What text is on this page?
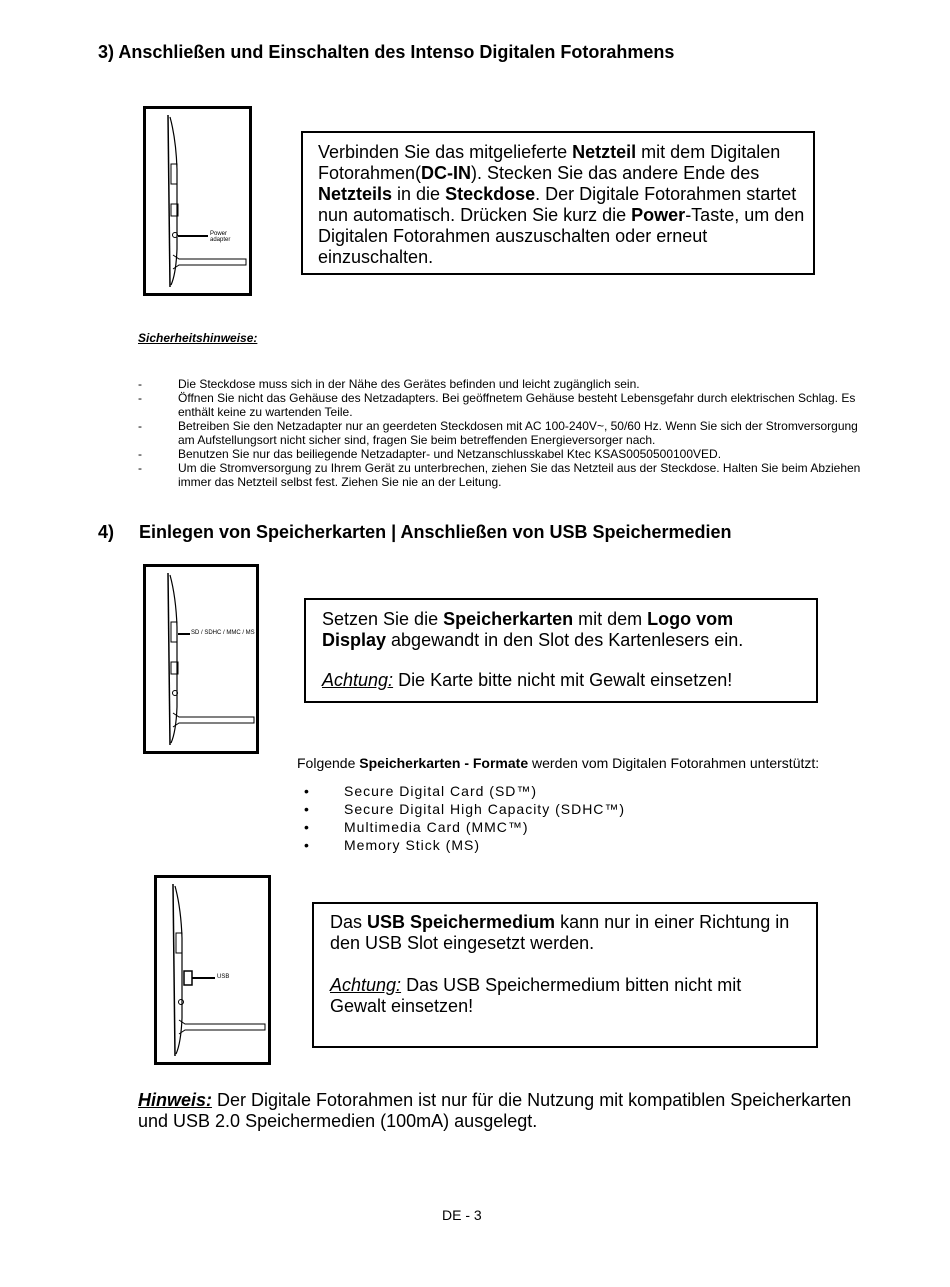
3) Anschließen und Einschalten des Intenso Digitalen Fotorahmens
Power adapter
Verbinden Sie das mitgelieferte Netzteil mit dem Digitalen Fotorahmen(DC-IN). Stecken Sie das andere Ende des Netzteils in die Steckdose. Der Digitale Fotorahmen startet nun automatisch. Drücken Sie kurz die Power-Taste, um den Digitalen Fotorahmen auszuschalten oder erneut einzuschalten.
Sicherheitshinweise:
-	Die Steckdose muss sich in der Nähe des Gerätes befinden und leicht zugänglich sein.
-	Öffnen Sie nicht das Gehäuse des Netzadapters. Bei geöffnetem Gehäuse besteht Lebensgefahr durch elektrischen Schlag. Es enthält keine zu wartenden Teile.
-	Betreiben Sie den Netzadapter nur an geerdeten Steckdosen mit AC 100-240V~, 50/60 Hz. Wenn Sie sich der Stromversorgung am Aufstellungsort nicht sicher sind, fragen Sie beim betreffenden Energieversorger nach.
-	Benutzen Sie nur das beiliegende Netzadapter- und Netzanschlusskabel Ktec KSAS0050500100VED.
-	Um die Stromversorgung zu Ihrem Gerät zu unterbrechen, ziehen Sie das Netzteil aus der Steckdose. Halten Sie beim Abziehen immer das Netzteil selbst fest. Ziehen Sie nie an der Leitung.
4)     Einlegen von Speicherkarten | Anschließen von USB Speichermedien
SD / SDHC / MMC / MS
Setzen Sie die Speicherkarten mit dem Logo vom Display abgewandt in den Slot des Kartenlesers ein.
Achtung: Die Karte bitte nicht mit Gewalt einsetzen!
Folgende Speicherkarten - Formate werden vom Digitalen Fotorahmen unterstützt:
• Secure Digital Card (SD™)
• Secure Digital High Capacity (SDHC™)
• Multimedia Card (MMC™)
• Memory Stick (MS)
USB
Das USB Speichermedium kann nur in einer Richtung in den USB Slot eingesetzt werden.
Achtung: Das USB Speichermedium bitten nicht mit Gewalt einsetzen!
Hinweis: Der Digitale Fotorahmen ist nur für die Nutzung mit kompatiblen Speicherkarten und USB 2.0 Speichermedien (100mA) ausgelegt.
DE - 3
